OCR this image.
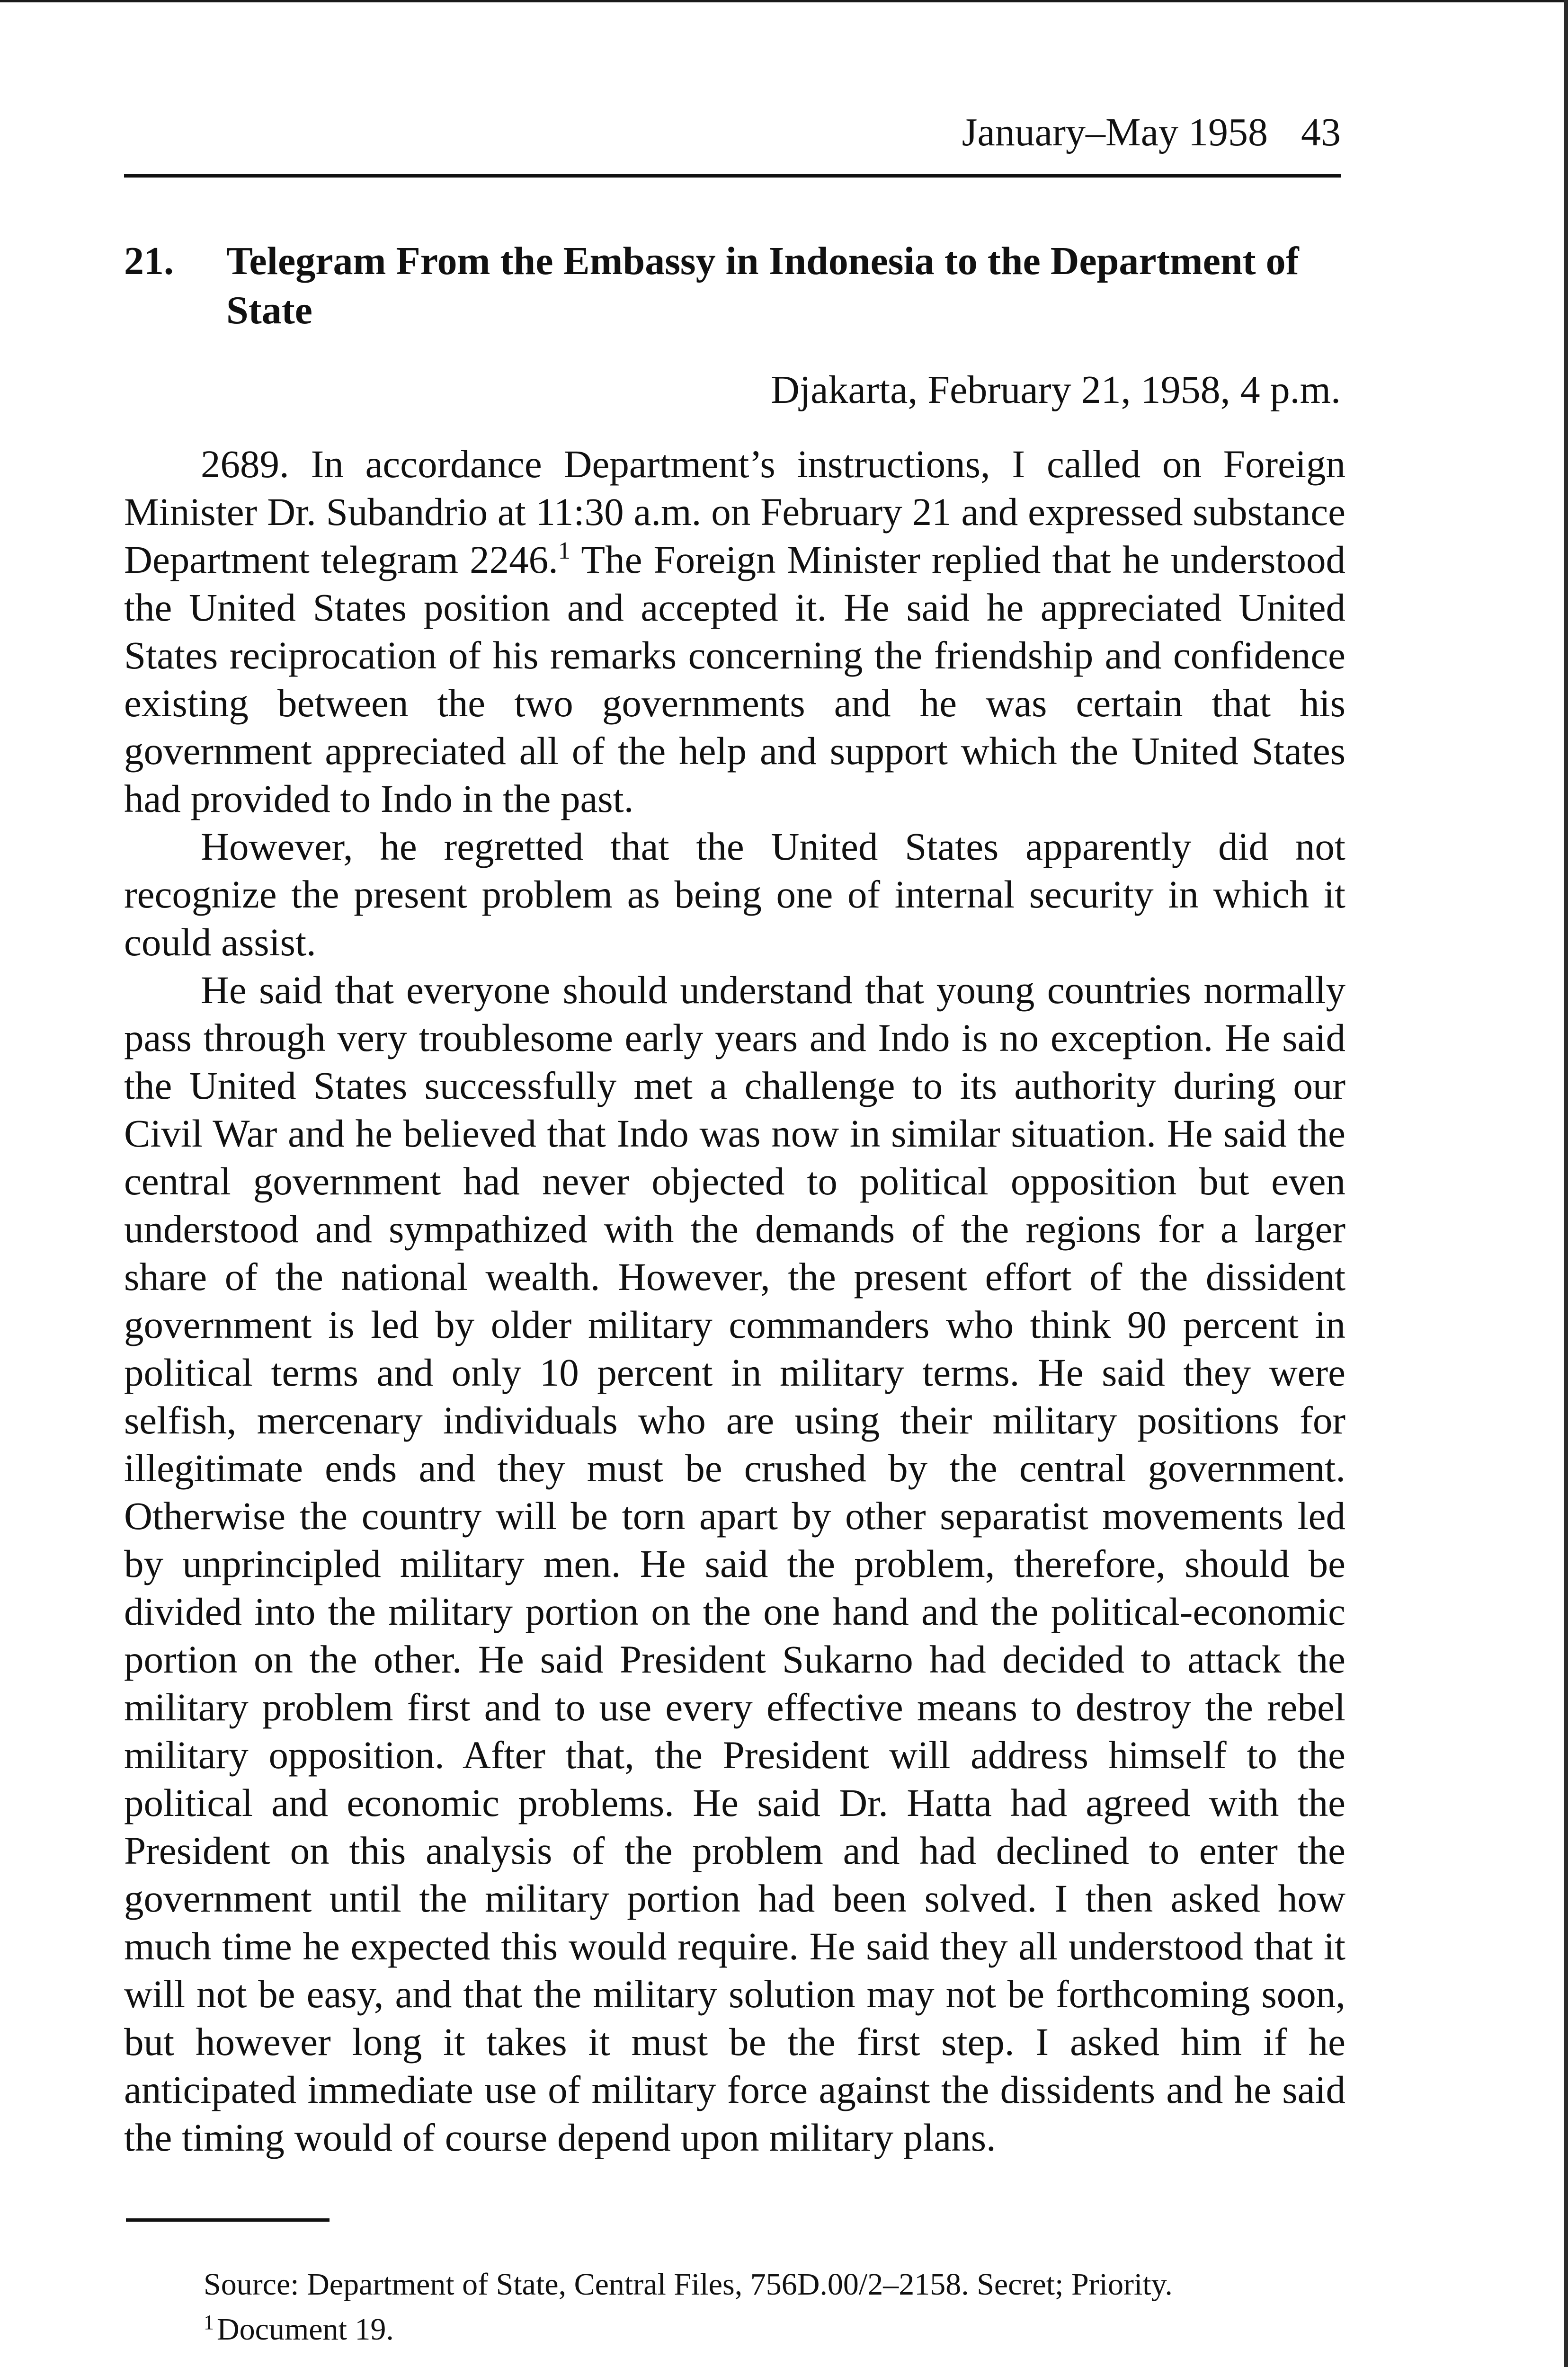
January–May 1958 43
21. Telegram From the Embassy in Indonesia to the Department of State
Djakarta, February 21, 1958, 4 p.m.

2689. In accordance Department’s instructions, I called on Foreign Minister Dr. Subandrio at 11:30 a.m. on February 21 and expressed substance Department telegram 2246.$^1$ The Foreign Minister replied that he understood the United States position and accepted it. He said he appreciated United States reciprocation of his remarks concerning the friendship and confidence existing between the two governments and he was certain that his government appreciated all of the help and support which the United States had provided to Indo in the past.

However, he regretted that the United States apparently did not recognize the present problem as being one of internal security in which it could assist.

He said that everyone should understand that young countries normally pass through very troublesome early years and Indo is no exception. He said the United States successfully met a challenge to its authority during our Civil War and he believed that Indo was now in similar situation. He said the central government had never objected to political opposition but even understood and sympathized with the demands of the regions for a larger share of the national wealth. However, the present effort of the dissident government is led by older military commanders who think 90 percent in political terms and only 10 percent in military terms. He said they were selfish, mercenary individuals who are using their military positions for illegitimate ends and they must be crushed by the central government. Otherwise the country will be torn apart by other separatist movements led by unprincipled military men. He said the problem, therefore, should be divided into the military portion on the one hand and the political-economic portion on the other. He said President Sukarno had decided to attack the military problem first and to use every effective means to destroy the rebel military opposition. After that, the President will address himself to the political and economic problems. He said Dr. Hatta had agreed with the President on this analysis of the problem and had declined to enter the government until the military portion had been solved. I then asked how much time he expected this would require. He said they all understood that it will not be easy, and that the military solution may not be forthcoming soon, but however long it takes it must be the first step. I asked him if he anticipated immediate use of military force against the dissidents and he said the timing would of course depend upon military plans.

Source: Department of State, Central Files, 756D.00/2–2158. Secret; Priority.

$^1$Document 19.
